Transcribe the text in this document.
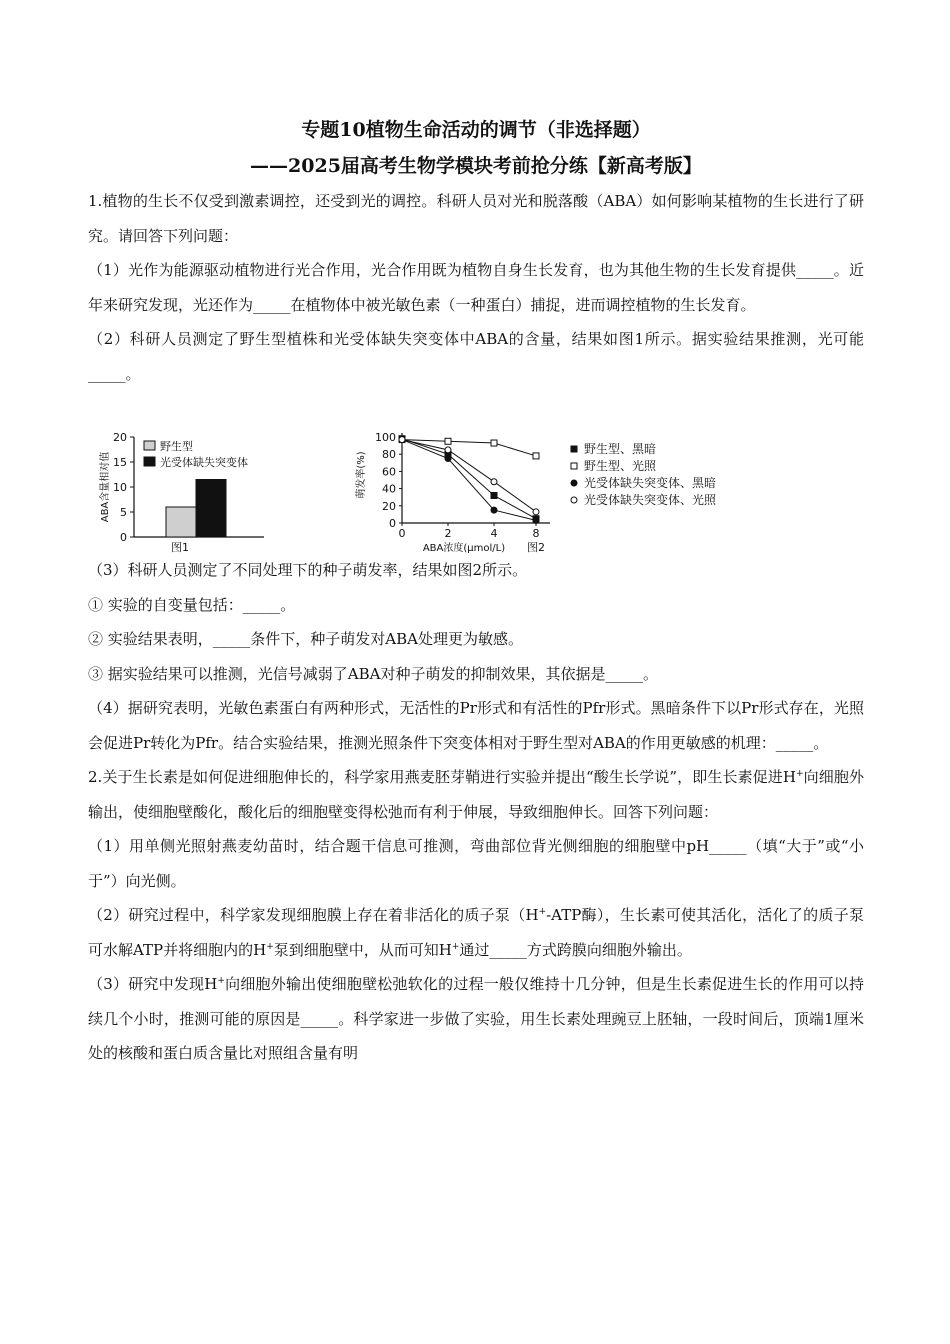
专题10植物生命活动的调节（非选择题）
——2025届高考生物学模块考前抢分练【新高考版】

1.植物的生长不仅受到激素调控，还受到光的调控。科研人员对光和脱落酸（ABA）如何影响某植物的生长进行了研究。请回答下列问题：

（1）光作为能源驱动植物进行光合作用，光合作用既为植物自身生长发育，也为其他生物的生长发育提供_____。近年来研究发现，光还作为_____在植物体中被光敏色素（一种蛋白）捕捉，进而调控植物的生长发育。

（2）科研人员测定了野生型植株和光受体缺失突变体中ABA的含量，结果如图1所示。据实验结果推测，光可能_____。

0
5
10
15
20
ABA含量相对值
野生型
光受体缺失突变体
图1
0
20
40
60
80
100
0	2	4	8
萌发率(%)
ABA浓度(μmol/L)
野生型、黑暗
野生型、光照
光受体缺失突变体、黑暗
光受体缺失突变体、光照
图2

（3）科研人员测定了不同处理下的种子萌发率，结果如图2所示。

① 实验的自变量包括：_____。

② 实验结果表明，_____条件下，种子萌发对ABA处理更为敏感。

③ 据实验结果可以推测，光信号减弱了ABA对种子萌发的抑制效果，其依据是_____。

（4）据研究表明，光敏色素蛋白有两种形式，无活性的Pr形式和有活性的Pfr形式。黑暗条件下以Pr形式存在，光照会促进Pr转化为Pfr。结合实验结果，推测光照条件下突变体相对于野生型对ABA的作用更敏感的机理：_____。

2.关于生长素是如何促进细胞伸长的，科学家用燕麦胚芽鞘进行实验并提出“酸生长学说”，即生长素促进H+向细胞外输出，使细胞壁酸化，酸化后的细胞壁变得松弛而有利于伸展，导致细胞伸长。回答下列问题：

（1）用单侧光照射燕麦幼苗时，结合题干信息可推测，弯曲部位背光侧细胞的细胞壁中pH_____（填“大于”或“小于”）向光侧。

（2）研究过程中，科学家发现细胞膜上存在着非活化的质子泵（H+-ATP酶），生长素可使其活化，活化了的质子泵可水解ATP并将细胞内的H+泵到细胞壁中，从而可知H+通过_____方式跨膜向细胞外输出。

（3）研究中发现H+向细胞外输出使细胞壁松弛软化的过程一般仅维持十几分钟，但是生长素促进生长的作用可以持续几个小时，推测可能的原因是_____。科学家进一步做了实验，用生长素处理豌豆上胚轴，一段时间后，顶端1厘米处的核酸和蛋白质含量比对照组含量有明
